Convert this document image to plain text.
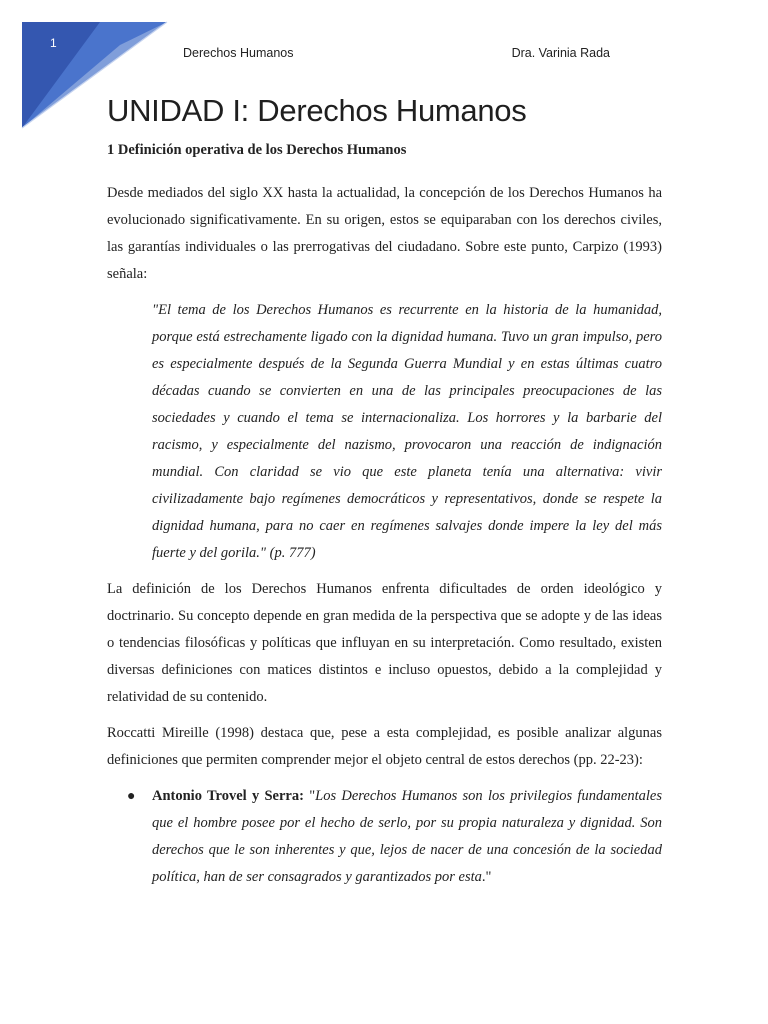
1
Derechos Humanos	Dra. Varinia Rada
UNIDAD I: Derechos Humanos

1 Definición operativa de los Derechos Humanos

Desde mediados del siglo XX hasta la actualidad, la concepción de los Derechos Humanos ha evolucionado significativamente. En su origen, estos se equiparaban con los derechos civiles, las garantías individuales o las prerrogativas del ciudadano. Sobre este punto, Carpizo (1993) señala:

"El tema de los Derechos Humanos es recurrente en la historia de la humanidad, porque está estrechamente ligado con la dignidad humana. Tuvo un gran impulso, pero es especialmente después de la Segunda Guerra Mundial y en estas últimas cuatro décadas cuando se convierten en una de las principales preocupaciones de las sociedades y cuando el tema se internacionaliza. Los horrores y la barbarie del racismo, y especialmente del nazismo, provocaron una reacción de indignación mundial. Con claridad se vio que este planeta tenía una alternativa: vivir civilizadamente bajo regímenes democráticos y representativos, donde se respete la dignidad humana, para no caer en regímenes salvajes donde impere la ley del más fuerte y del gorila." (p. 777)

La definición de los Derechos Humanos enfrenta dificultades de orden ideológico y doctrinario. Su concepto depende en gran medida de la perspectiva que se adopte y de las ideas o tendencias filosóficas y políticas que influyan en su interpretación. Como resultado, existen diversas definiciones con matices distintos e incluso opuestos, debido a la complejidad y relatividad de su contenido.

Roccatti Mireille (1998) destaca que, pese a esta complejidad, es posible analizar algunas definiciones que permiten comprender mejor el objeto central de estos derechos (pp. 22-23):

● Antonio Trovel y Serra: "Los Derechos Humanos son los privilegios fundamentales que el hombre posee por el hecho de serlo, por su propia naturaleza y dignidad. Son derechos que le son inherentes y que, lejos de nacer de una concesión de la sociedad política, han de ser consagrados y garantizados por esta."
